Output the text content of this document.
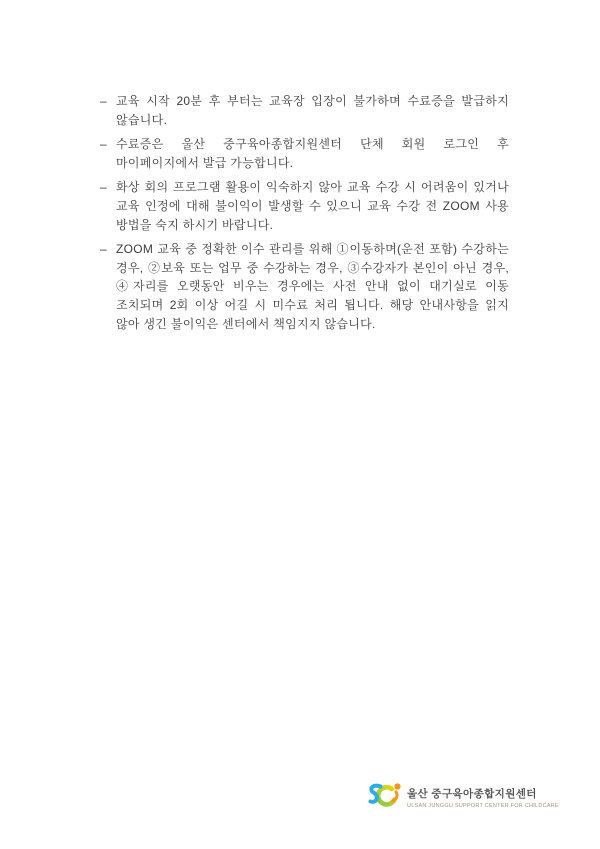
– 교육 시작 20분 후 부터는 교육장 입장이 불가하며 수료증을 발급하지 않습니다.
– 수료증은 울산 중구육아종합지원센터 단체 회원 로그인 후 마이페이지에서 발급 가능합니다.
– 화상 회의 프로그램 활용이 익숙하지 않아 교육 수강 시 어려움이 있거나 교육 인정에 대해 불이익이 발생할 수 있으니 교육 수강 전 ZOOM 사용 방법을 숙지 하시기 바랍니다.
– ZOOM 교육 중 정확한 이수 관리를 위해 ①이동하며(운전 포함) 수강하는 경우, ②보육 또는 업무 중 수강하는 경우, ③수강자가 본인이 아닌 경우, ④자리를 오랫동안 비우는 경우에는 사전 안내 없이 대기실로 이동 조치되며 2회 이상 어길 시 미수료 처리 됩니다. 해당 안내사항을 읽지 않아 생긴 불이익은 센터에서 책임지지 않습니다.
울산 중구육아종합지원센터
ULSAN JUNGGU SUPPORT CENTER FOR CHILDCARE
